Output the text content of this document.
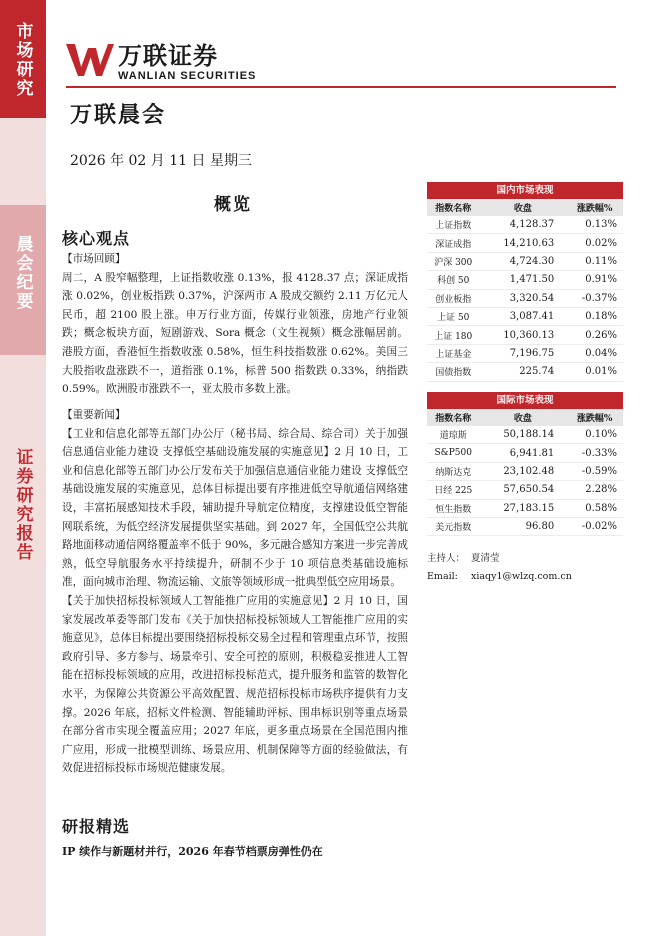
市场研究
晨会纪要
证券研究报告
万联证券
WANLIAN SECURITIES
万联晨会
2026 年 02 月 11 日 星期三
概览
核心观点
【市场回顾】

周二，A 股窄幅整理，上证指数收涨 0.13%，报 4128.37 点；深证成指涨 0.02%，创业板指跌 0.37%，沪深两市 A 股成交额约 2.11 万亿元人民币，超 2100 股上涨。申万行业方面，传媒行业领涨，房地产行业领跌；概念板块方面，短剧游戏、Sora 概念（文生视频）概念涨幅居前。港股方面，香港恒生指数收涨 0.58%，恒生科技指数涨 0.62%。美国三大股指收盘涨跌不一，道指涨 0.1%，标普 500 指数跌 0.33%，纳指跌 0.59%。欧洲股市涨跌不一，亚太股市多数上涨。

【重要新闻】

【工业和信息化部等五部门办公厅（秘书局、综合局、综合司）关于加强信息通信业能力建设 支撑低空基础设施发展的实施意见】2 月 10 日，工业和信息化部等五部门办公厅发布关于加强信息通信业能力建设 支撑低空基础设施发展的实施意见，总体目标提出要有序推进低空导航通信网络建设，丰富拓展感知技术手段，辅助提升导航定位精度，支撑建设低空智能网联系统，为低空经济发展提供坚实基础。到 2027 年，全国低空公共航路地面移动通信网络覆盖率不低于 90%，多元融合感知方案进一步完善成熟，低空导航服务水平持续提升，研制不少于 10 项信息类基础设施标准，面向城市治理、物流运输、文旅等领域形成一批典型低空应用场景。

【关于加快招标投标领域人工智能推广应用的实施意见】2 月 10 日，国家发展改革委等部门发布《关于加快招标投标领域人工智能推广应用的实施意见》，总体目标提出要围绕招标投标交易全过程和管理重点环节，按照政府引导、多方参与、场景牵引、安全可控的原则，积极稳妥推进人工智能在招标投标领域的应用，改进招标投标范式，提升服务和监管的数智化水平，为保障公共资源公平高效配置、规范招标投标市场秩序提供有力支撑。2026 年底，招标文件检测、智能辅助评标、围串标识别等重点场景在部分省市实现全覆盖应用；2027 年底，更多重点场景在全国范围内推广应用，形成一批模型训练、场景应用、机制保障等方面的经验做法，有效促进招标投标市场规范健康发展。

研报精选
IP 续作与新题材并行，2026 年春节档票房弹性仍在
国内市场表现
指数名称	收盘	涨跌幅%
上证指数	4,128.37	0.13%
深证成指	14,210.63	0.02%
沪深 300	4,724.30	0.11%
科创 50	1,471.50	0.91%
创业板指	3,320.54	-0.37%
上证 50	3,087.41	0.18%
上证 180	10,360.13	0.26%
上证基金	7,196.75	0.04%
国债指数	225.74	0.01%
国际市场表现
指数名称	收盘	涨跌幅%
道琼斯	50,188.14	0.10%
S&P500	6,941.81	-0.33%
纳斯达克	23,102.48	-0.59%
日经 225	57,650.54	2.28%
恒生指数	27,183.15	0.58%
美元指数	96.80	-0.02%
主持人： 夏清莹
Email: xiaqy1@wlzq.com.cn
